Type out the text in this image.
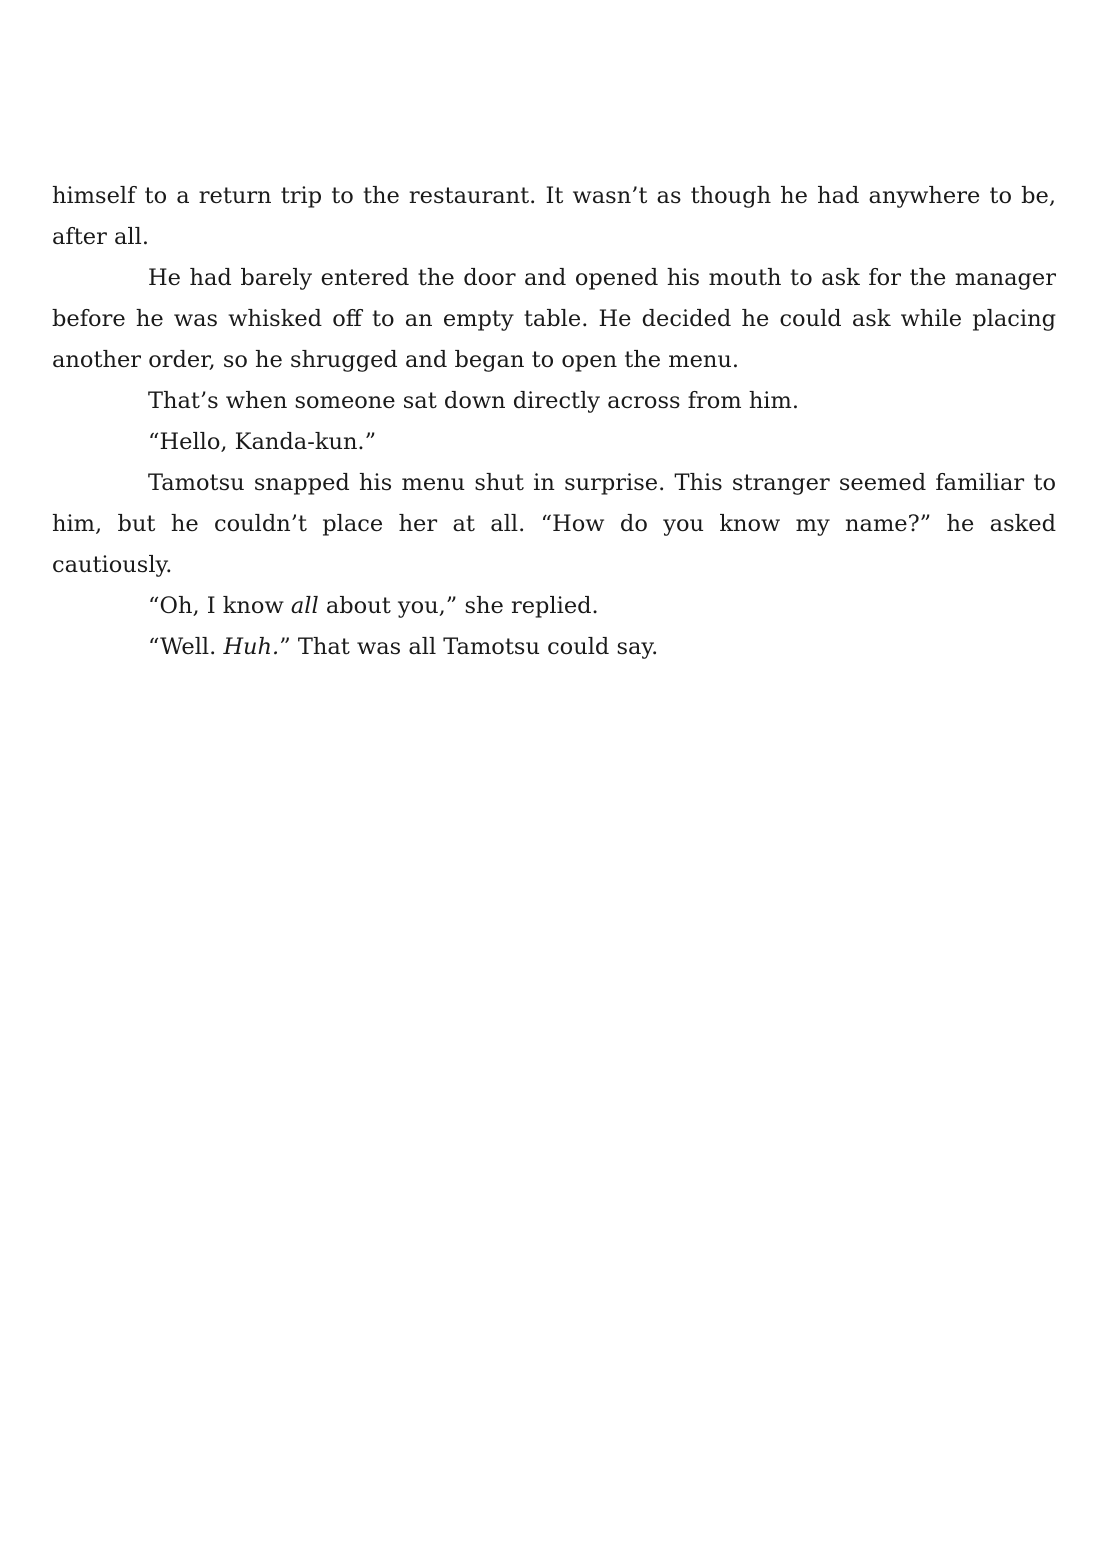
himself to a return trip to the restaurant. It wasn’t as though he had anywhere to be, after all.

He had barely entered the door and opened his mouth to ask for the manager before he was whisked off to an empty table. He decided he could ask while placing another order, so he shrugged and began to open the menu.

That’s when someone sat down directly across from him.

“Hello, Kanda-kun.”

Tamotsu snapped his menu shut in surprise. This stranger seemed familiar to him, but he couldn’t place her at all. “How do you know my name?” he asked cautiously.

“Oh, I know all about you,” she replied.

“Well. Huh.” That was all Tamotsu could say.
